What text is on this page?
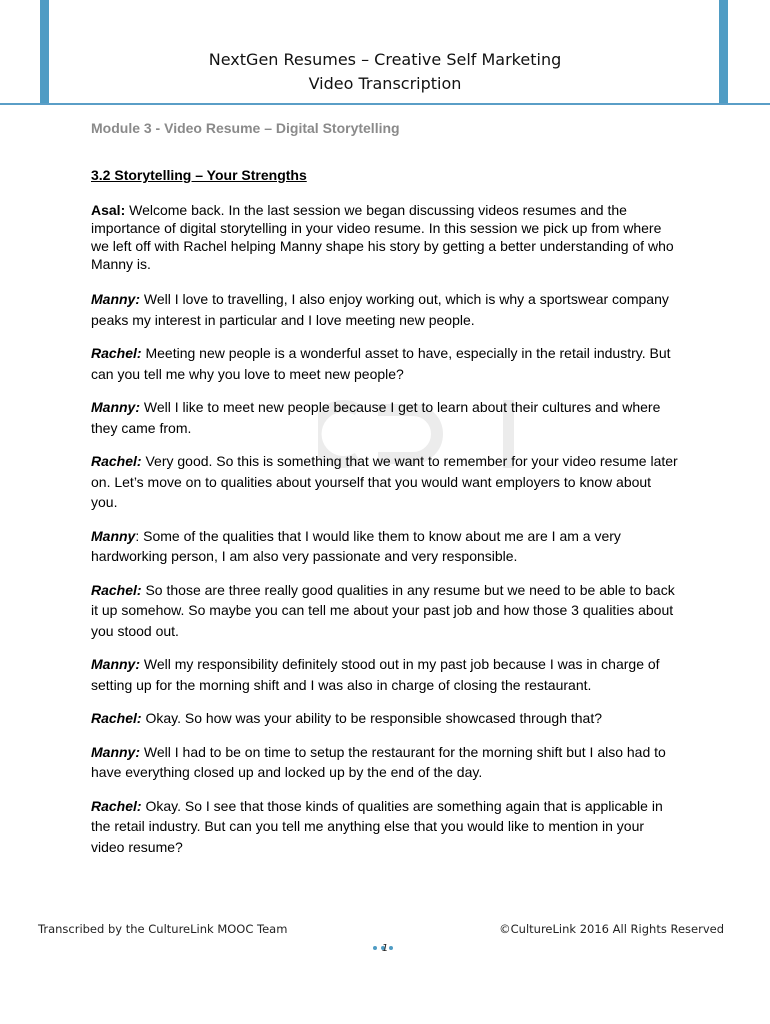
NextGen Resumes – Creative Self Marketing
Video Transcription

Module 3 - Video Resume – Digital Storytelling

3.2 Storytelling – Your Strengths

Asal: Welcome back. In the last session we began discussing videos resumes and the importance of digital storytelling in your video resume. In this session we pick up from where we left off with Rachel helping Manny shape his story by getting a better understanding of who Manny is.

Manny: Well I love to travelling, I also enjoy working out, which is why a sportswear company peaks my interest in particular and I love meeting new people.

Rachel: Meeting new people is a wonderful asset to have, especially in the retail industry. But can you tell me why you love to meet new people?

Manny: Well I like to meet new people because I get to learn about their cultures and where they came from.

Rachel: Very good. So this is something that we want to remember for your video resume later on. Let’s move on to qualities about yourself that you would want employers to know about you.

Manny: Some of the qualities that I would like them to know about me are I am a very hardworking person, I am also very passionate and very responsible.

Rachel: So those are three really good qualities in any resume but we need to be able to back it up somehow. So maybe you can tell me about your past job and how those 3 qualities about you stood out.

Manny: Well my responsibility definitely stood out in my past job because I was in charge of setting up for the morning shift and I was also in charge of closing the restaurant.

Rachel: Okay. So how was your ability to be responsible showcased through that?

Manny: Well I had to be on time to setup the restaurant for the morning shift but I also had to have everything closed up and locked up by the end of the day.

Rachel: Okay. So I see that those kinds of qualities are something again that is applicable in the retail industry. But can you tell me anything else that you would like to mention in your video resume?

Transcribed by the CultureLink MOOC Team	©CultureLink 2016 All Rights Reserved
1
